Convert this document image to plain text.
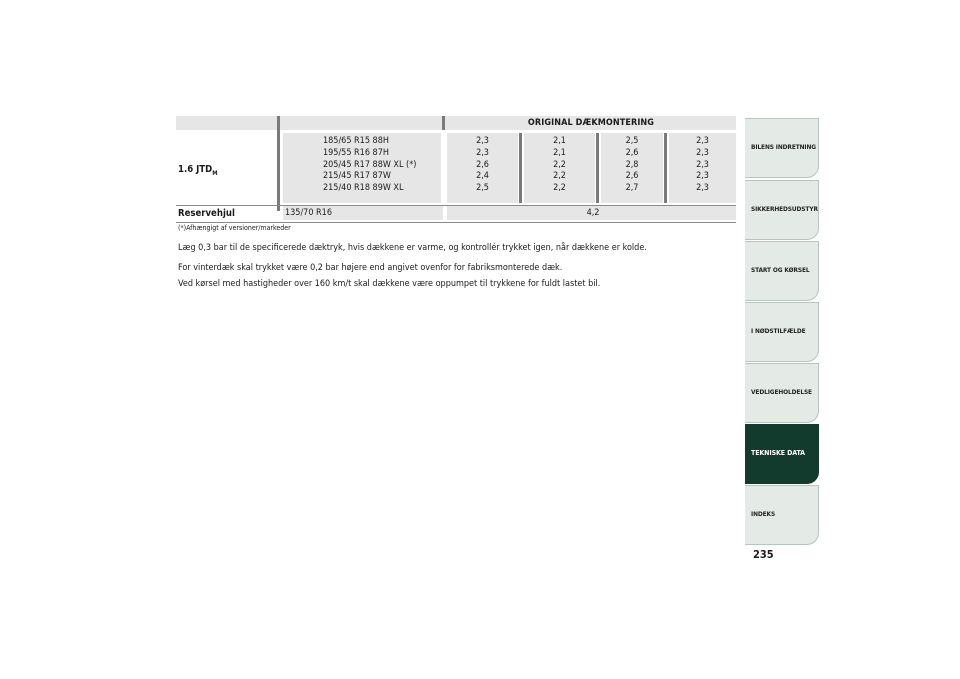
ORIGINAL DÆKMONTERING
1.6 $JTD_M$
185/65 R15 88H
195/55 R16 87H
205/45 R17 88W XL (*)
215/45 R17 87W
215/40 R18 89W XL
2,3
2,3
2,6
2,4
2,5
2,1
2,1
2,2
2,2
2,2
2,5
2,6
2,8
2,6
2,7
2,3
2,3
2,3
2,3
2,3
Reservehjul	135/70 R16	4,2
(*)Afhængigt af versioner/markeder
Læg 0,3 bar til de specificerede dæktryk, hvis dækkene er varme, og kontrollér trykket igen, når dækkene er kolde.
For vinterdæk skal trykket være 0,2 bar højere end angivet ovenfor for fabriksmonterede dæk.
Ved kørsel med hastigheder over 160 km/t skal dækkene være oppumpet til trykkene for fuldt lastet bil.
BILENS INDRETNING
SIKKERHEDSUDSTYR
START OG KØRSEL
I NØDSTILFÆLDE
VEDLIGEHOLDELSE
TEKNISKE DATA
INDEKS
235
